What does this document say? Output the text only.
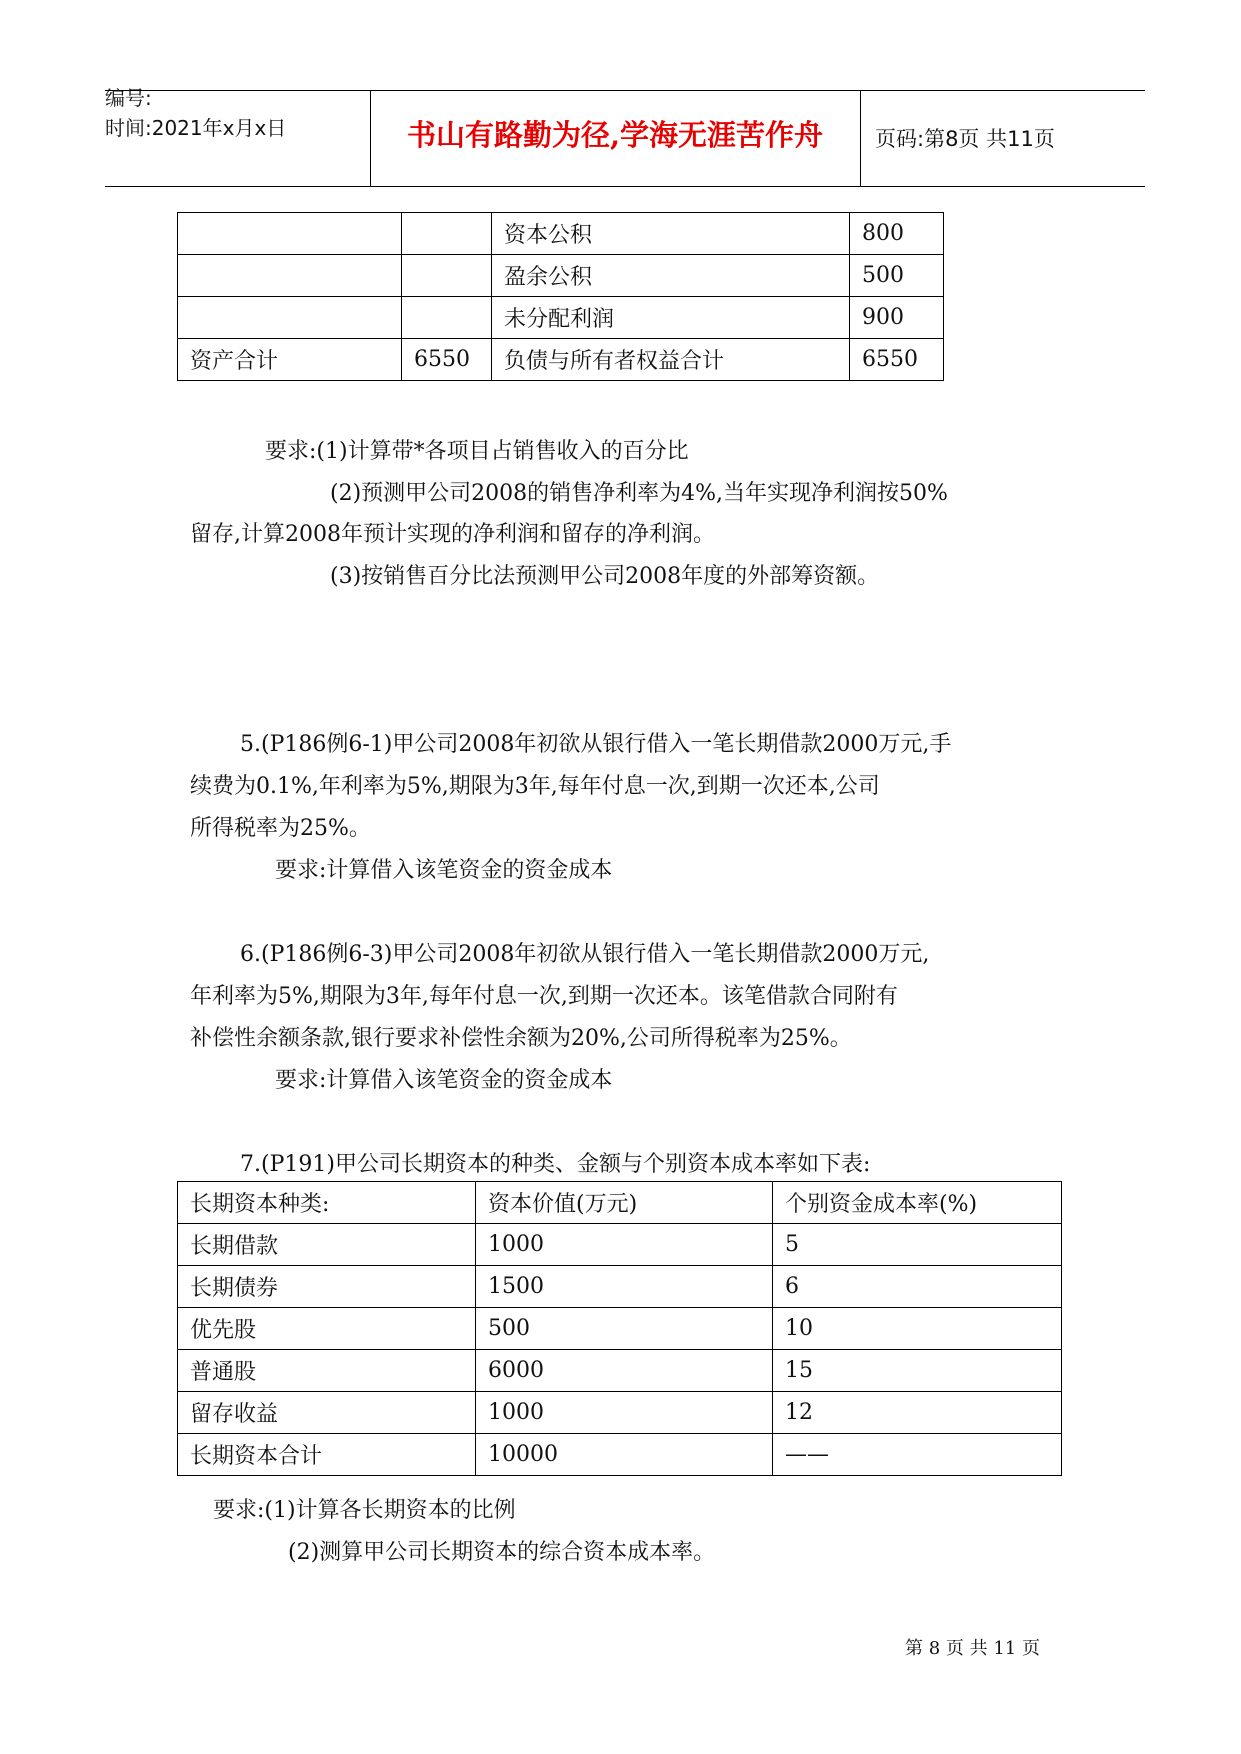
编号:
时间:2021年x月x日	书山有路勤为径,学海无涯苦作舟	页码:第8页 共11页
		资本公积	800
		盈余公积	500
		未分配利润	900
资产合计	6550	负债与所有者权益合计	6550
要求:(1)计算带*各项目占销售收入的百分比
(2)预测甲公司2008的销售净利率为4%,当年实现净利润按50%
留存,计算2008年预计实现的净利润和留存的净利润。
(3)按销售百分比法预测甲公司2008年度的外部筹资额。
5.(P186例6-1)甲公司2008年初欲从银行借入一笔长期借款2000万元,手
续费为0.1%,年利率为5%,期限为3年,每年付息一次,到期一次还本,公司
所得税率为25%。
要求:计算借入该笔资金的资金成本
6.(P186例6-3)甲公司2008年初欲从银行借入一笔长期借款2000万元,
年利率为5%,期限为3年,每年付息一次,到期一次还本。该笔借款合同附有
补偿性余额条款,银行要求补偿性余额为20%,公司所得税率为25%。
要求:计算借入该笔资金的资金成本
7.(P191)甲公司长期资本的种类、金额与个别资本成本率如下表:
长期资本种类:	资本价值(万元)	个别资金成本率(%)
长期借款	1000	5
长期债券	1500	6
优先股	500	10
普通股	6000	15
留存收益	1000	12
长期资本合计	10000	——
要求:(1)计算各长期资本的比例
(2)测算甲公司长期资本的综合资本成本率。
第 8 页 共 11 页
